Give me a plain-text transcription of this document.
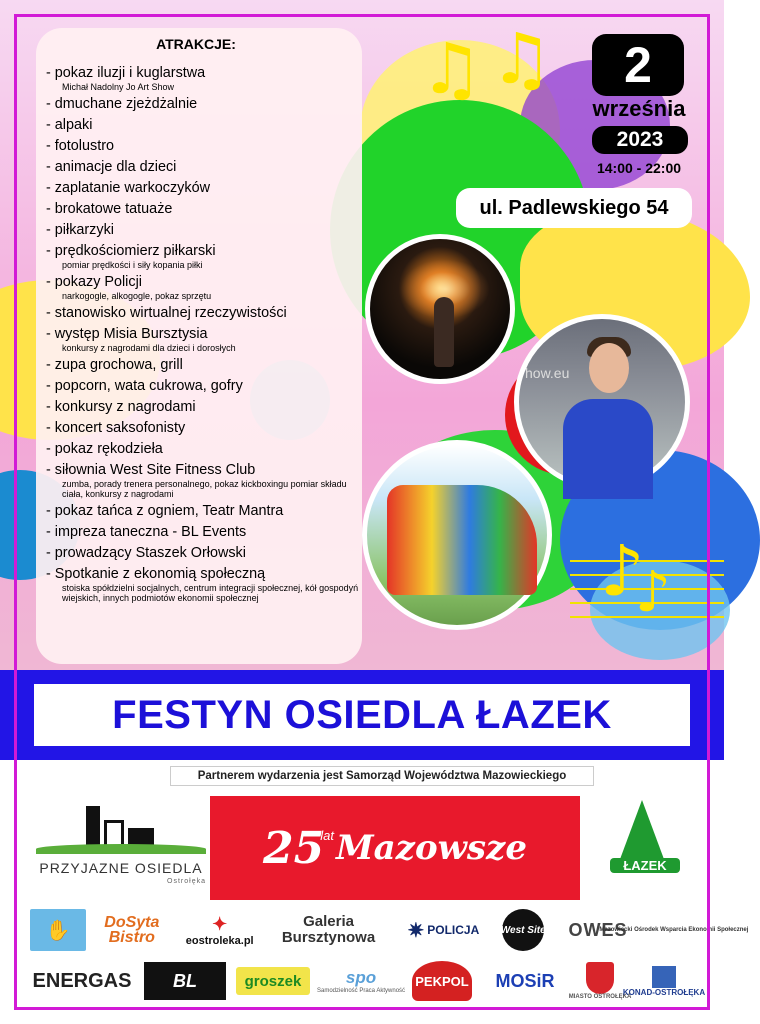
♪
♪
♫ ♫
ATRAKCJE:
- pokaz iluzji i kuglarstwa
Michał Nadolny Jo Art Show
- dmuchane zjeżdżalnie
- alpaki
- fotolustro
- animacje dla dzieci
- zaplatanie warkoczyków
- brokatowe tatuaże
- piłkarzyki
- prędkościomierz piłkarski
pomiar prędkości i siły kopania piłki
- pokazy Policji
narkogogle, alkogogle, pokaz sprzętu
- stanowisko wirtualnej rzeczywistości
- występ Misia Bursztysia
konkursy z nagrodami dla dzieci i dorosłych
- zupa grochowa, grill
- popcorn, wata cukrowa, gofry
- konkursy z nagrodami
- koncert saksofonisty
- pokaz rękodzieła
- siłownia West Site Fitness Club
zumba, porady trenera personalnego, pokaz kickboxingu pomiar składu ciała, konkursy z nagrodami
- pokaz tańca z ogniem, Teatr Mantra
- impreza taneczna - BL Events
- prowadzący Staszek Orłowski
- Spotkanie z ekonomią społeczną
stoiska spółdzielni socjalnych, centrum integracji społecznej, kół gospodyń wiejskich, innych podmiotów ekonomii społecznej
2
września
2023
14:00 - 22:00
ul. Padlewskiego 54
how.eu
FESTYN OSIEDLA ŁAZEK
Partnerem wydarzenia jest Samorząd Województwa Mazowieckiego
PRZYJAZNE OSIEDLA
Ostrołęka
25
lat Mazowsze	ŁAZEK
✋	DoSyta
Bistro
✦
eostroleka.pl
Galeria
Bursztynowa ✷ POLICJA West Site	OWES
Mazowiecki Ośrodek Wsparcia Ekonomii Społecznej
ENERGAS	BL	groszek	spo
Samodzielność Praca Aktywność
PEKPOL	MOSiR
MIASTO OSTROŁĘKA
KONAD-OSTROŁĘKA
